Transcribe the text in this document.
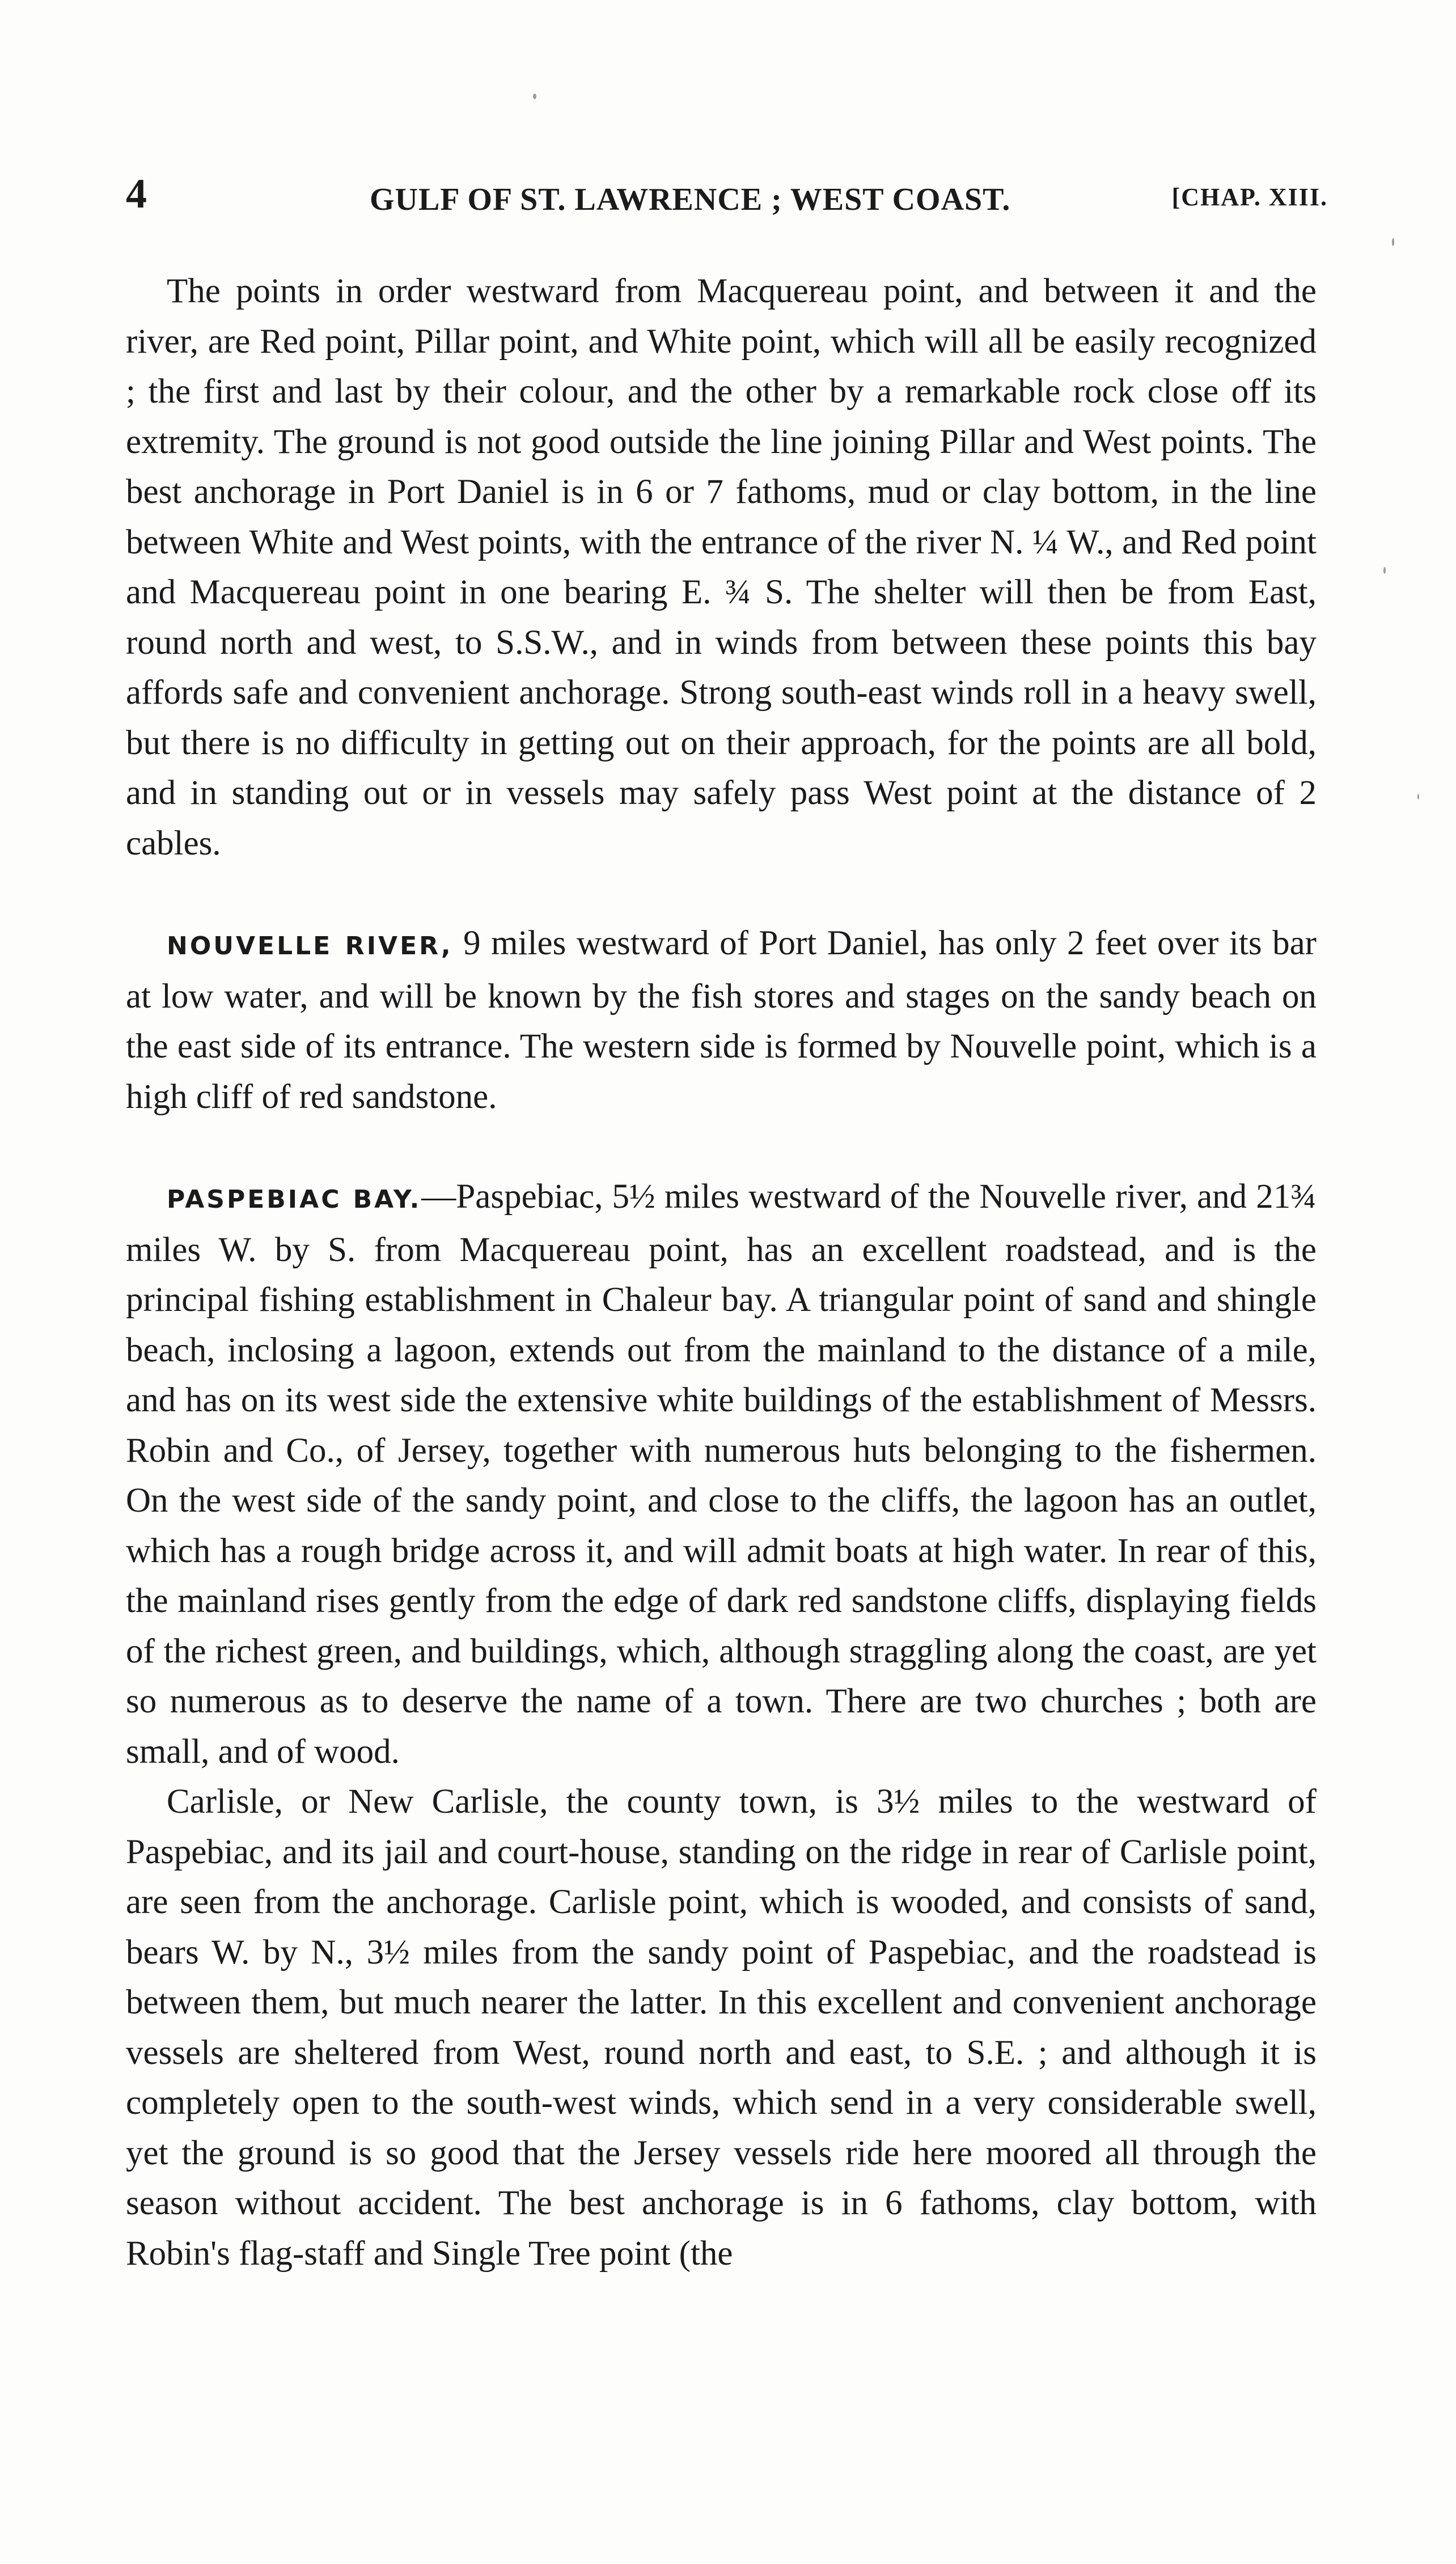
4	GULF OF ST. LAWRENCE ; WEST COAST.	[CHAP. XIII.

The points in order westward from Macquereau point, and between it and the river, are Red point, Pillar point, and White point, which will all be easily recognized ; the first and last by their colour, and the other by a remarkable rock close off its extremity. The ground is not good outside the line joining Pillar and West points. The best anchorage in Port Daniel is in 6 or 7 fathoms, mud or clay bottom, in the line between White and West points, with the entrance of the river N. ¼ W., and Red point and Macquereau point in one bearing E. ¾ S. The shelter will then be from East, round north and west, to S.S.W., and in winds from between these points this bay affords safe and convenient anchorage. Strong south-east winds roll in a heavy swell, but there is no difficulty in getting out on their approach, for the points are all bold, and in standing out or in vessels may safely pass West point at the distance of 2 cables.

NOUVELLE RIVER, 9 miles westward of Port Daniel, has only 2 feet over its bar at low water, and will be known by the fish stores and stages on the sandy beach on the east side of its entrance. The western side is formed by Nouvelle point, which is a high cliff of red sandstone.

PASPEBIAC BAY.—Paspebiac, 5½ miles westward of the Nouvelle river, and 21¾ miles W. by S. from Macquereau point, has an excellent roadstead, and is the principal fishing establishment in Chaleur bay. A triangular point of sand and shingle beach, inclosing a lagoon, extends out from the mainland to the distance of a mile, and has on its west side the extensive white buildings of the establishment of Messrs. Robin and Co., of Jersey, together with numerous huts belonging to the fishermen. On the west side of the sandy point, and close to the cliffs, the lagoon has an outlet, which has a rough bridge across it, and will admit boats at high water. In rear of this, the mainland rises gently from the edge of dark red sandstone cliffs, displaying fields of the richest green, and buildings, which, although straggling along the coast, are yet so numerous as to deserve the name of a town. There are two churches ; both are small, and of wood.

Carlisle, or New Carlisle, the county town, is 3½ miles to the westward of Paspebiac, and its jail and court-house, standing on the ridge in rear of Carlisle point, are seen from the anchorage. Carlisle point, which is wooded, and consists of sand, bears W. by N., 3½ miles from the sandy point of Paspebiac, and the roadstead is between them, but much nearer the latter. In this excellent and convenient anchorage vessels are sheltered from West, round north and east, to S.E. ; and although it is completely open to the south-west winds, which send in a very considerable swell, yet the ground is so good that the Jersey vessels ride here moored all through the season without accident. The best anchorage is in 6 fathoms, clay bottom, with Robin's flag-staff and Single Tree point (the
